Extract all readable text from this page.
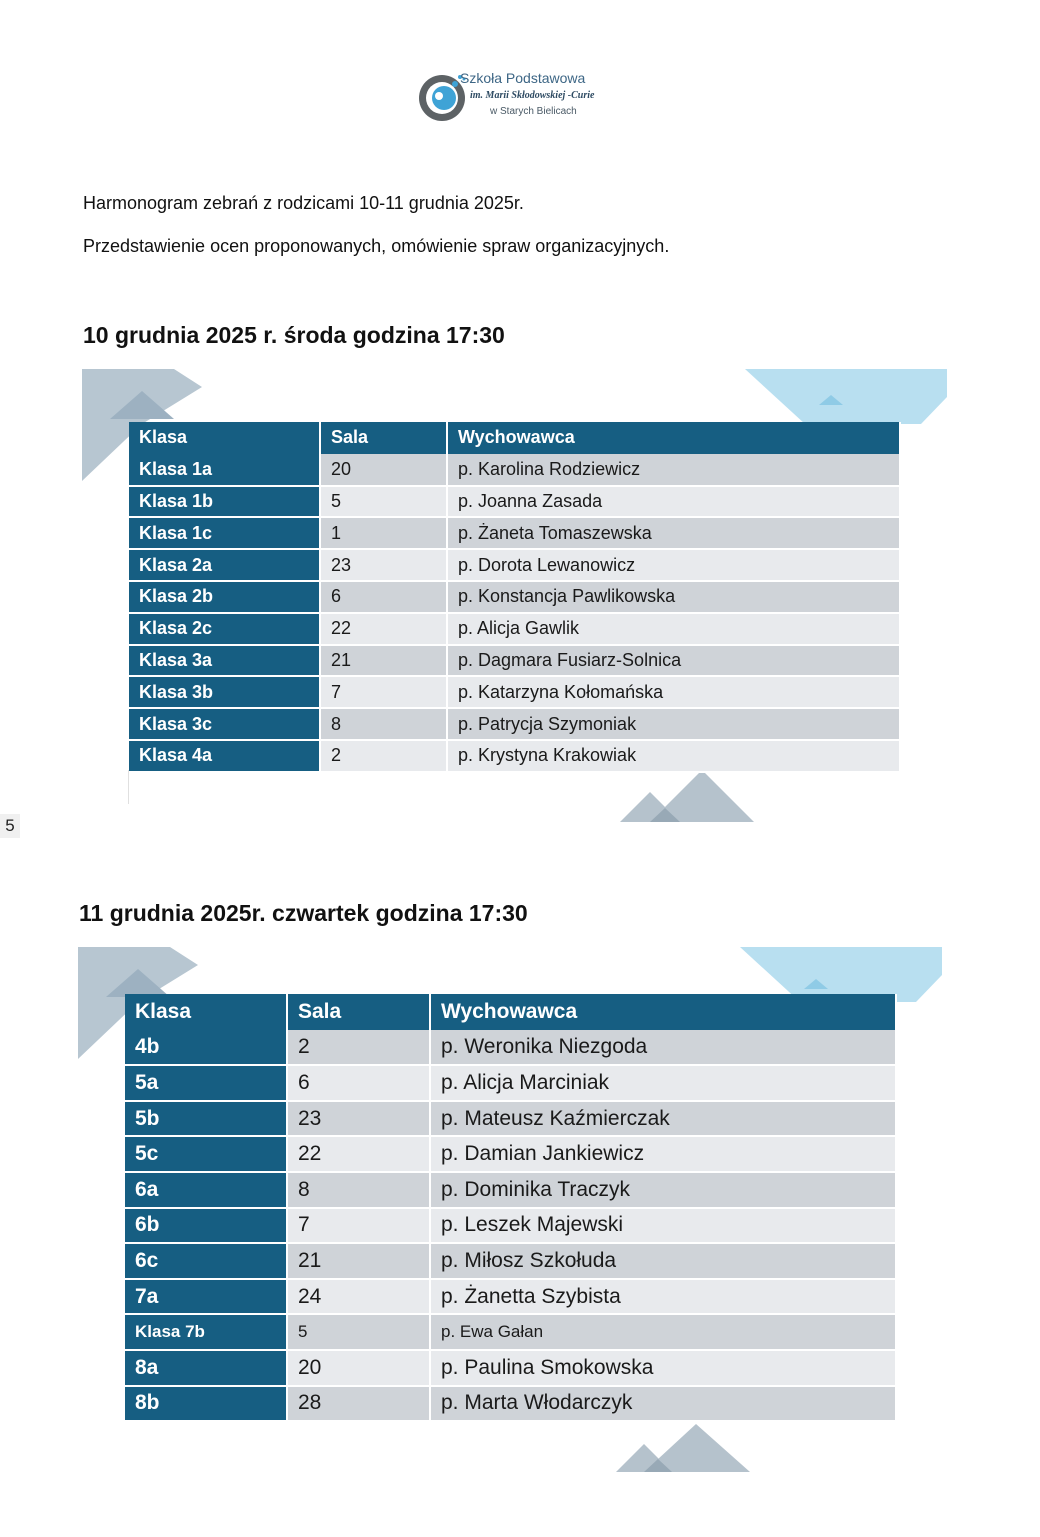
Szkoła Podstawowa
im. Marii Skłodowskiej -Curie
w Starych Bielicach
Harmonogram zebrań z rodzicami 10-11 grudnia 2025r.
Przedstawienie ocen proponowanych, omówienie spraw organizacyjnych.
10 grudnia 2025 r. środa godzina 17:30
Klasa	Sala	Wychowawca
Klasa 1a	20	p. Karolina Rodziewicz
Klasa 1b	5	p. Joanna Zasada
Klasa 1c	1	p. Żaneta Tomaszewska
Klasa 2a	23	p. Dorota Lewanowicz
Klasa 2b	6	p. Konstancja Pawlikowska
Klasa 2c	22	p. Alicja Gawlik
Klasa 3a	21	p. Dagmara Fusiarz-Solnica
Klasa 3b	7	p. Katarzyna Kołomańska
Klasa 3c	8	p. Patrycja Szymoniak
Klasa 4a	2	p. Krystyna Krakowiak
5
11 grudnia 2025r. czwartek godzina 17:30
Klasa	Sala	Wychowawca
4b	2	p. Weronika Niezgoda
5a	6	p. Alicja Marciniak
5b	23	p. Mateusz Kaźmierczak
5c	22	p. Damian Jankiewicz
6a	8	p. Dominika Traczyk
6b	7	p. Leszek Majewski
6c	21	p. Miłosz Szkołuda
7a	24	p. Żanetta Szybista
Klasa 7b	5	p. Ewa Gałan
8a	20	p. Paulina Smokowska
8b	28	p. Marta Włodarczyk
